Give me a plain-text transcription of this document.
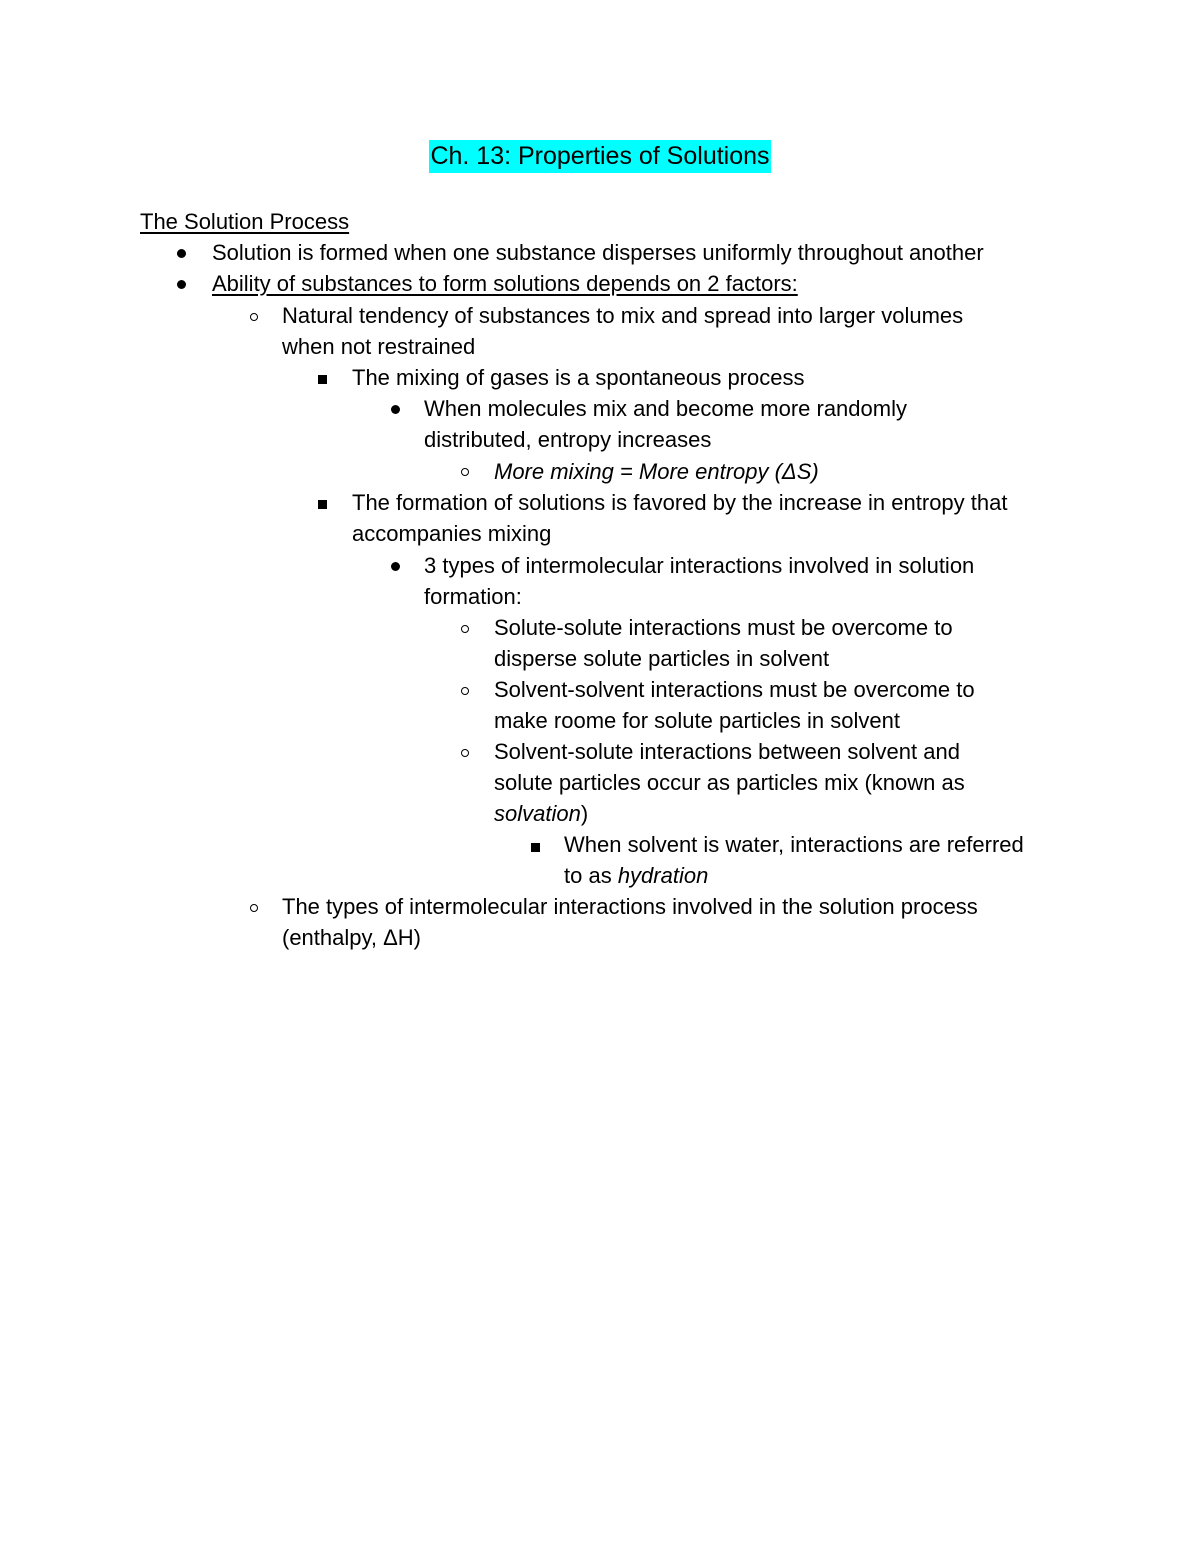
Ch. 13: Properties of Solutions
The Solution Process
Solution is formed when one substance disperses uniformly throughout another
Ability of substances to form solutions depends on 2 factors:
Natural tendency of substances to mix and spread into larger volumes
when not restrained
The mixing of gases is a spontaneous process
When molecules mix and become more randomly
distributed, entropy increases
More mixing = More entropy (ΔS)
The formation of solutions is favored by the increase in entropy that
accompanies mixing
3 types of intermolecular interactions involved in solution
formation:
Solute-solute interactions must be overcome to
disperse solute particles in solvent
Solvent-solvent interactions must be overcome to
make roome for solute particles in solvent
Solvent-solute interactions between solvent and
solute particles occur as particles mix (known as
solvation)
When solvent is water, interactions are referred
to as hydration
The types of intermolecular interactions involved in the solution process
(enthalpy, ΔH)
